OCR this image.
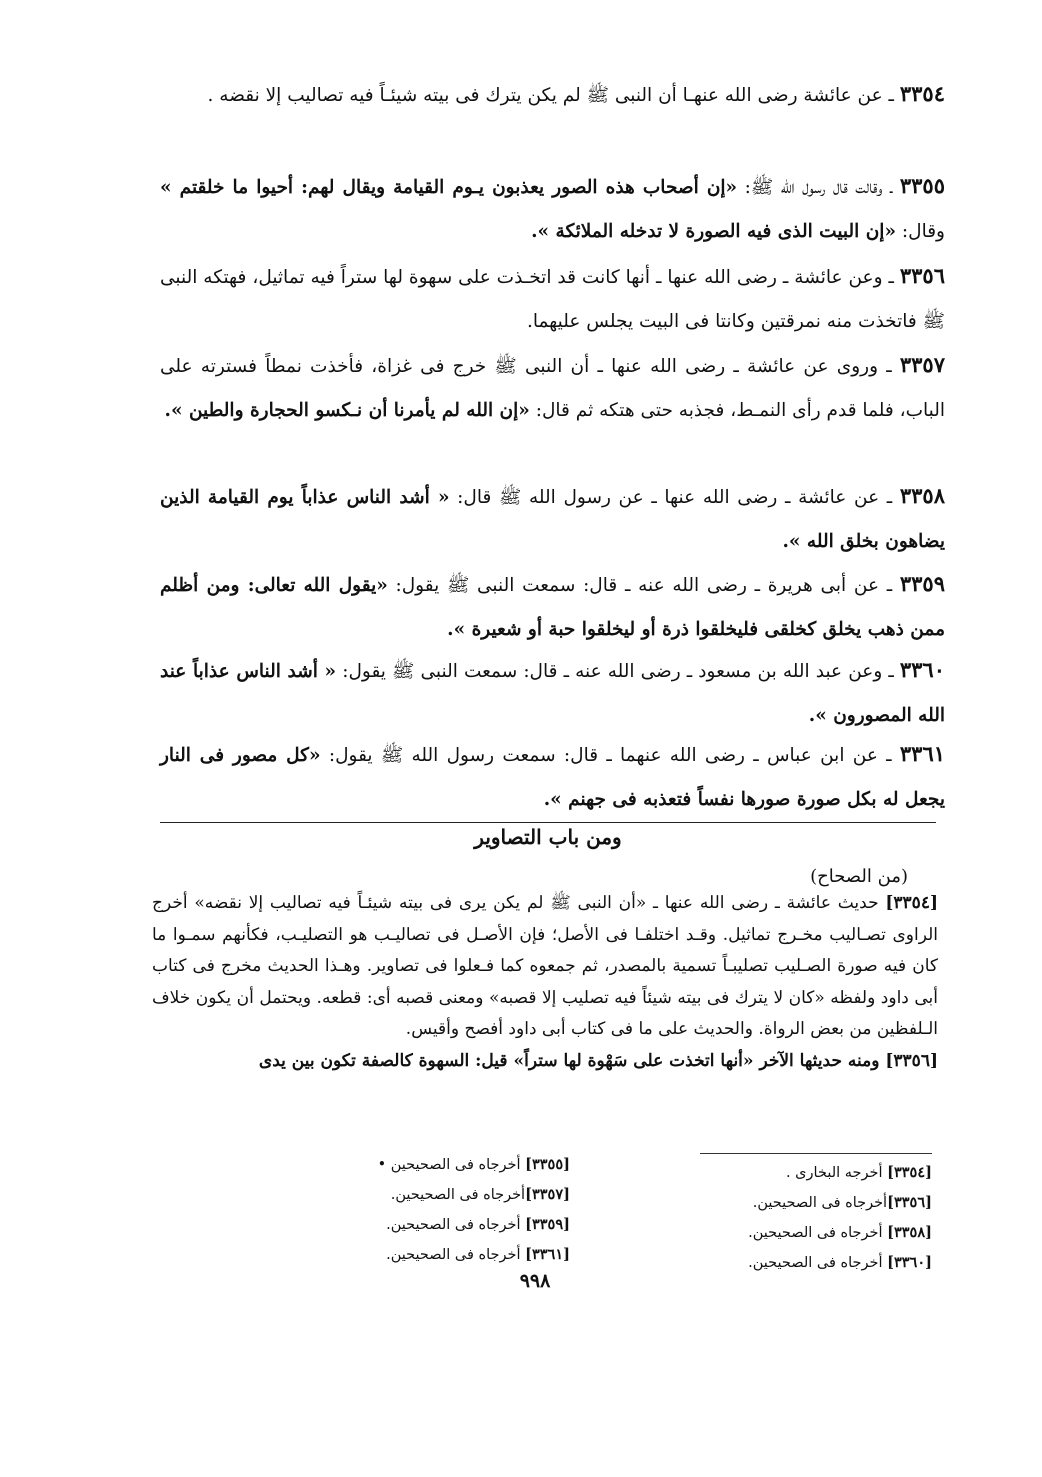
٣٣٥٤ ـ عن عائشة رضى الله عنهـا أن النبى ﷺ لم يكن يترك فى بيته شيئـاً فيه تصاليب إلا نقضه .
٣٣٥٥ ـ وقالت قال رسول الله ﷺ: «إن أصحاب هذه الصور يعذبون يـوم القيامة ويقال لهم: أحيوا ما خلقتم » وقال: «إن البيت الذى فيه الصورة لا تدخله الملائكة ».
٣٣٥٦ ـ وعن عائشة ـ رضى الله عنها ـ أنها كانت قد اتخـذت على سهوة لها ستراً فيه تماثيل، فهتكه النبى ﷺ فاتخذت منه نمرقتين وكانتا فى البيت يجلس عليهما.
٣٣٥٧ ـ وروى عن عائشة ـ رضى الله عنها ـ أن النبى ﷺ خرج فى غزاة، فأخذت نمطاً فسترته على الباب، فلما قدم رأى النمـط، فجذبه حتى هتكه ثم قال: «إن الله لم يأمرنا أن نـكسو الحجارة والطين ».
٣٣٥٨ ـ عن عائشة ـ رضى الله عنها ـ عن رسول الله ﷺ قال: « أشد الناس عذاباً يوم القيامة الذين يضاهون بخلق الله ».
٣٣٥٩ ـ عن أبى هريرة ـ رضى الله عنه ـ قال: سمعت النبى ﷺ يقول: «يقول الله تعالى: ومن أظلم ممن ذهب يخلق كخلقى فليخلقوا ذرة أو ليخلقوا حبة أو شعيرة ».
٣٣٦٠ ـ وعن عبد الله بن مسعود ـ رضى الله عنه ـ قال: سمعت النبى ﷺ يقول: « أشد الناس عذاباً عند الله المصورون ».
٣٣٦١ ـ عن ابن عباس ـ رضى الله عنهما ـ قال: سمعت رسول الله ﷺ يقول: «كل مصور فى النار يجعل له بكل صورة صورها نفساً فتعذبه فى جهنم ».
ومن باب التصاوير
(من الصحاح)
[٣٣٥٤] حديث عائشة ـ رضى الله عنها ـ «أن النبى ﷺ لم يكن يرى فى بيته شيئـاً فيه تصاليب إلا نقضه» أخرج الراوى تصـاليب مخـرج تماثيل. وقـد اختلفـا فى الأصل؛ فإن الأصـل فى تصاليـب هو التصليـب، فكأنهم سمـوا ما كان فيه صورة الصـليب تصليبـاً تسمية بالمصدر، ثم جمعوه كما فـعلوا فى تصاوير. وهـذا الحديث مخرج فى كتاب أبى داود ولفظه «كان لا يترك فى بيته شيئاً فيه تصليب إلا قصبه» ومعنى قصبه أى: قطعه. ويحتمل أن يكون خلاف الـلفظين من بعض الرواة. والحديث على ما فى كتاب أبى داود أفصح وأقيس.
[٣٣٥٦] ومنه حديثها الآخر «أنها اتخذت على سَهْوة لها ستراً» قيل: السهوة كالصفة تكون بين يدى
[٣٣٥٤] أخرجه البخارى .
[٣٣٥٦]أخرجاه فى الصحيحين.
[٣٣٥٨] أخرجاه فى الصحيحين.
[٣٣٦٠] أخرجاه فى الصحيحين.
[٣٣٥٥] أخرجاه فى الصحيحين •
[٣٣٥٧]أخرجاه فى الصحيحين.
[٣٣٥٩] أخرجاه فى الصحيحين.
[٣٣٦١] أخرجاه فى الصحيحين.
٩٩٨
